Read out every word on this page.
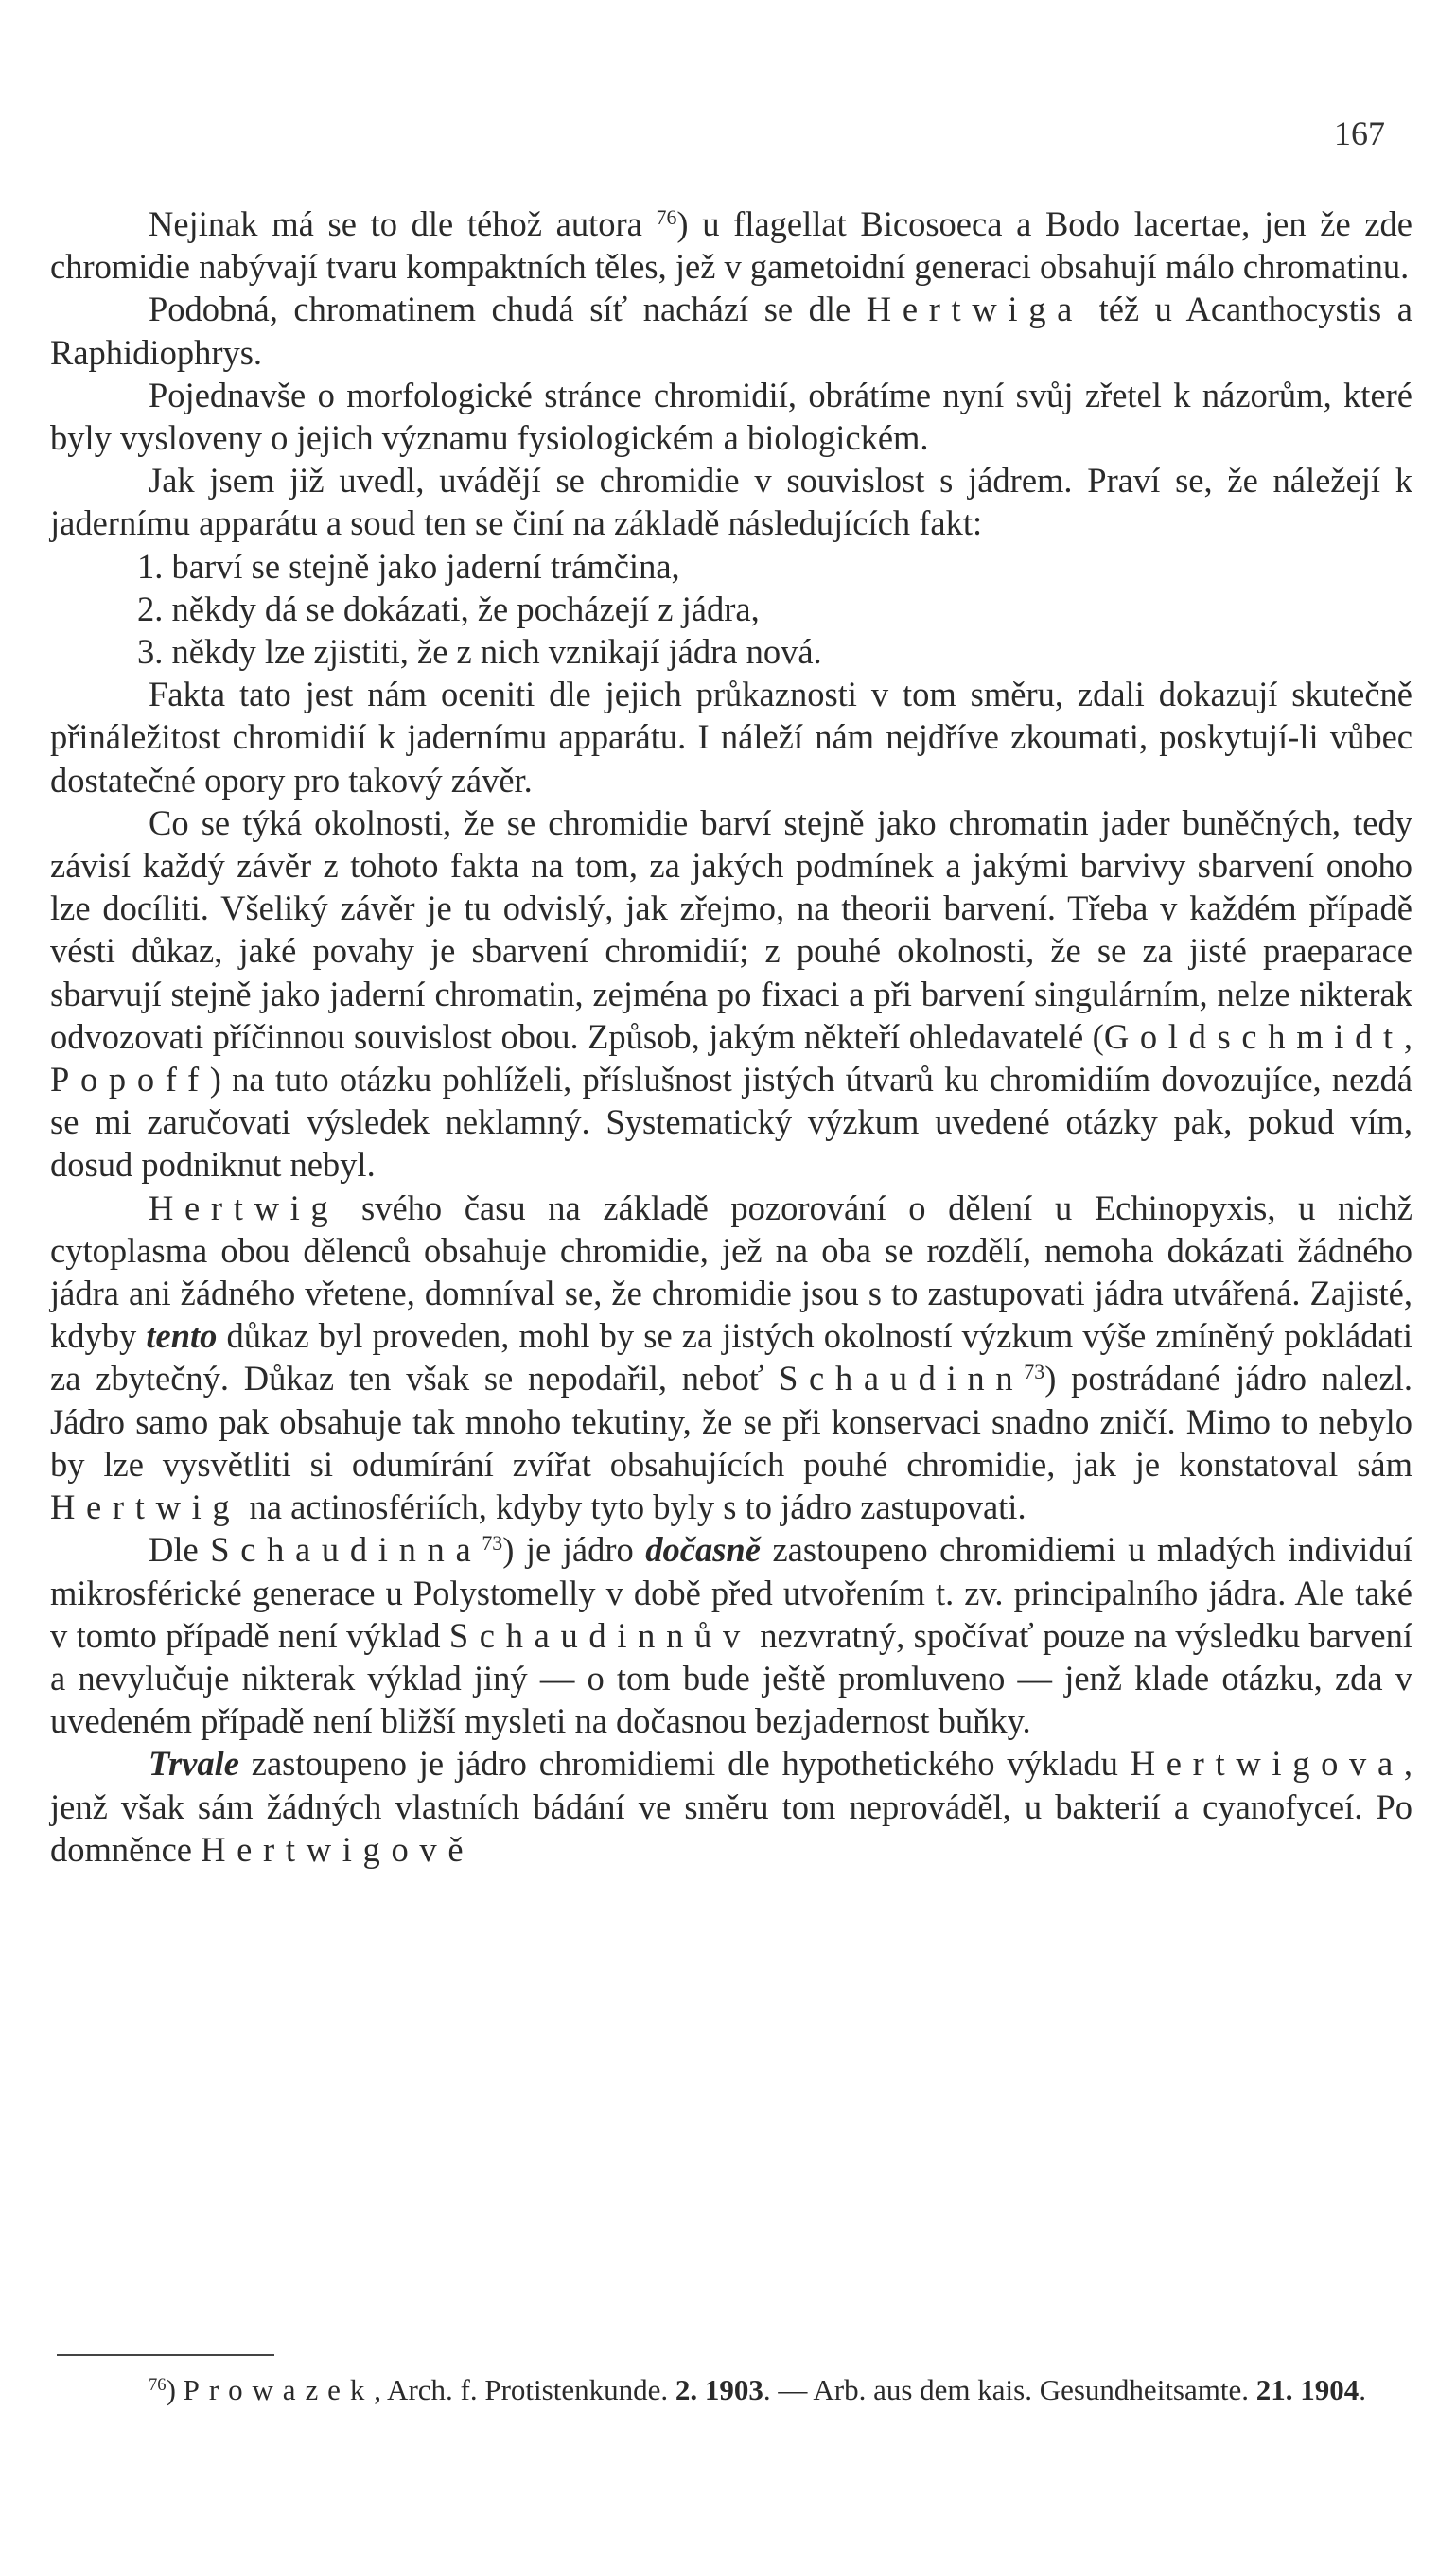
167

Nejinak má se to dle téhož autora $^{76}$) u flagellat Bicosoeca a Bodo lacertae, jen že zde chromidie nabývají tvaru kompaktních těles, jež v gametoidní generaci obsahují málo chromatinu.

Podobná, chromatinem chudá síť nachází se dle Hertwiga též u Acanthocystis a Raphidiophrys.

Pojednavše o morfologické stránce chromidií, obrátíme nyní svůj zřetel k názorům, které byly vysloveny o jejich významu fysiologickém a biologickém.

Jak jsem již uvedl, uvádějí se chromidie v souvislost s jádrem. Praví se, že náležejí k jadernímu apparátu a soud ten se činí na základě následujících fakt:

1. barví se stejně jako jaderní trámčina,
2. někdy dá se dokázati, že pocházejí z jádra,
3. někdy lze zjistiti, že z nich vznikají jádra nová.

Fakta tato jest nám oceniti dle jejich průkaznosti v tom směru, zdali dokazují skutečně přináležitost chromidií k jadernímu apparátu. I náleží nám nejdříve zkoumati, poskytují-li vůbec dostatečné opory pro takový závěr.

Co se týká okolnosti, že se chromidie barví stejně jako chromatin jader buněčných, tedy závisí každý závěr z tohoto fakta na tom, za jakých podmínek a jakými barvivy sbarvení onoho lze docíliti. Všeliký závěr je tu odvislý, jak zřejmo, na theorii barvení. Třeba v každém případě vésti důkaz, jaké povahy je sbarvení chromidií; z pouhé okolnosti, že se za jisté praeparace sbarvují stejně jako jaderní chromatin, zejména po fixaci a při barvení singulárním, nelze nikterak odvozovati příčinnou souvislost obou. Způsob, jakým někteří ohledavatelé (Goldschmidt, Popoff) na tuto otázku pohlíželi, příslušnost jistých útvarů ku chromidiím dovozujíce, nezdá se mi zaručovati výsledek neklamný. Systematický výzkum uvedené otázky pak, pokud vím, dosud podniknut nebyl.

Hertwig svého času na základě pozorování o dělení u Echinopyxis, u nichž cytoplasma obou dělenců obsahuje chromidie, jež na oba se rozdělí, nemoha dokázati žádného jádra ani žádného vřetene, domníval se, že chromidie jsou s to zastupovati jádra utvářená. Zajisté, kdyby tento důkaz byl proveden, mohl by se za jistých okolností výzkum výše zmíněný pokládati za zbytečný. Důkaz ten však se nepodařil, neboť Schaudinn$^{73}$) postrádané jádro nalezl. Jádro samo pak obsahuje tak mnoho tekutiny, že se při konservaci snadno zničí. Mimo to nebylo by lze vysvětliti si odumírání zvířat obsahujících pouhé chromidie, jak je konstatoval sám Hertwig na actinosfériích, kdyby tyto byly s to jádro zastupovati.

Dle Schaudinna$^{73}$) je jádro dočasně zastoupeno chromidiemi u mladých individuí mikrosférické generace u Polystomelly v době před utvořením t. zv. principalního jádra. Ale také v tomto případě není výklad Schaudinnův nezvratný, spočívať pouze na výsledku barvení a nevylučuje nikterak výklad jiný — o tom bude ještě promluveno — jenž klade otázku, zda v uvedeném případě není bližší mysleti na dočasnou bezjadernost buňky.

Trvale zastoupeno je jádro chromidiemi dle hypothetického výkladu Hertwigova, jenž však sám žádných vlastních bádání ve směru tom neprováděl, u bakterií a cyanofyceí. Po domněnce Hertwigově

$^{76}$) Prowazek, Arch. f. Protistenkunde. 2. 1903. — Arb. aus dem kais. Gesundheitsamte. 21. 1904.
